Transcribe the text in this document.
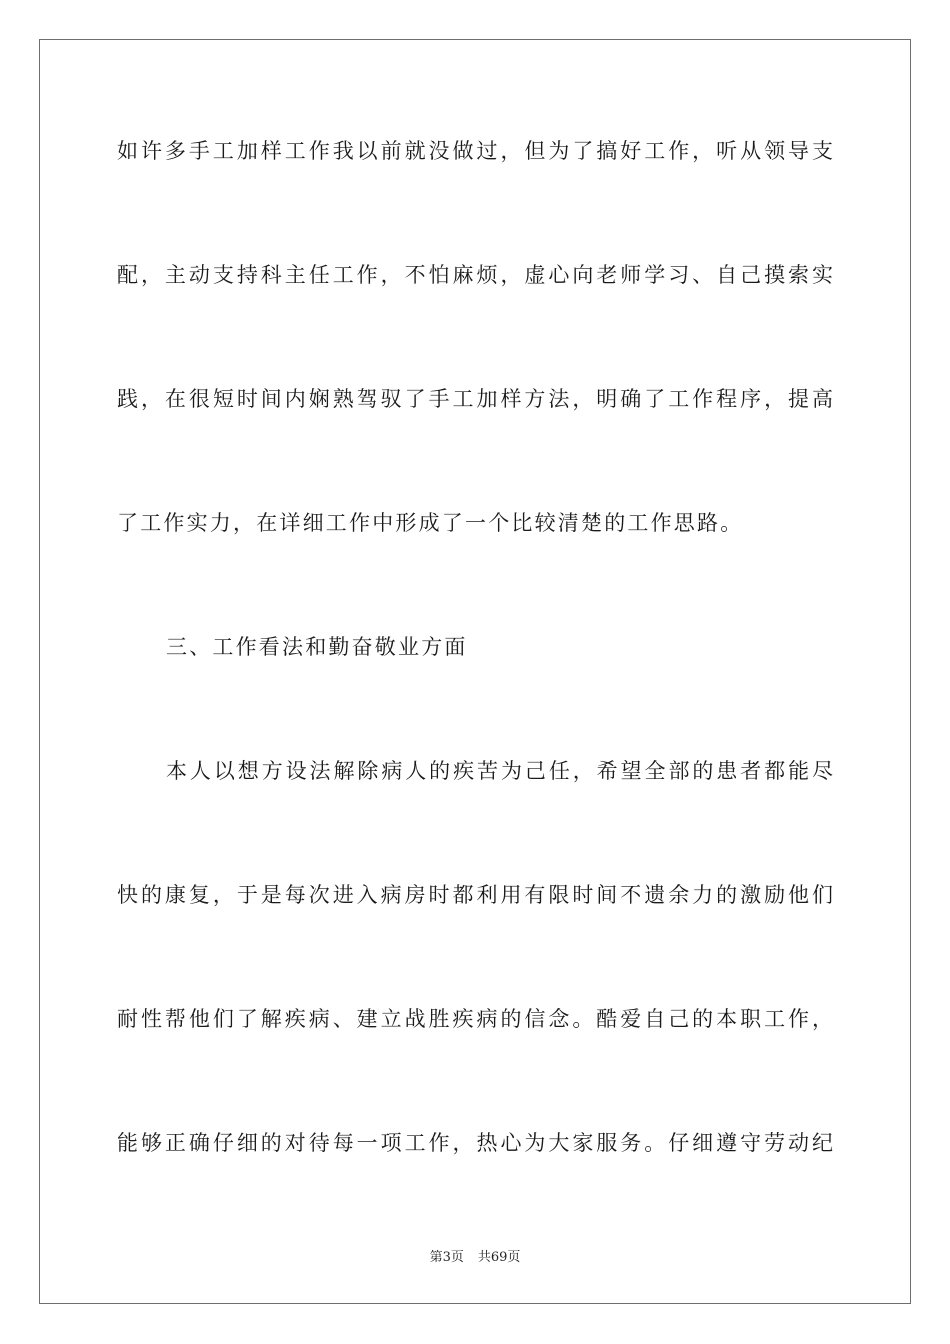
如许多手工加样工作我以前就没做过，但为了搞好工作，听从领导支
配，主动支持科主任工作，不怕麻烦，虚心向老师学习、自己摸索实
践，在很短时间内娴熟驾驭了手工加样方法，明确了工作程序，提高
了工作实力，在详细工作中形成了一个比较清楚的工作思路。
三、工作看法和勤奋敬业方面
本人以想方设法解除病人的疾苦为己任，希望全部的患者都能尽
快的康复，于是每次进入病房时都利用有限时间不遗余力的激励他们
耐性帮他们了解疾病、建立战胜疾病的信念。酷爱自己的本职工作，
能够正确仔细的对待每一项工作，热心为大家服务。仔细遵守劳动纪
第3页 共69页
